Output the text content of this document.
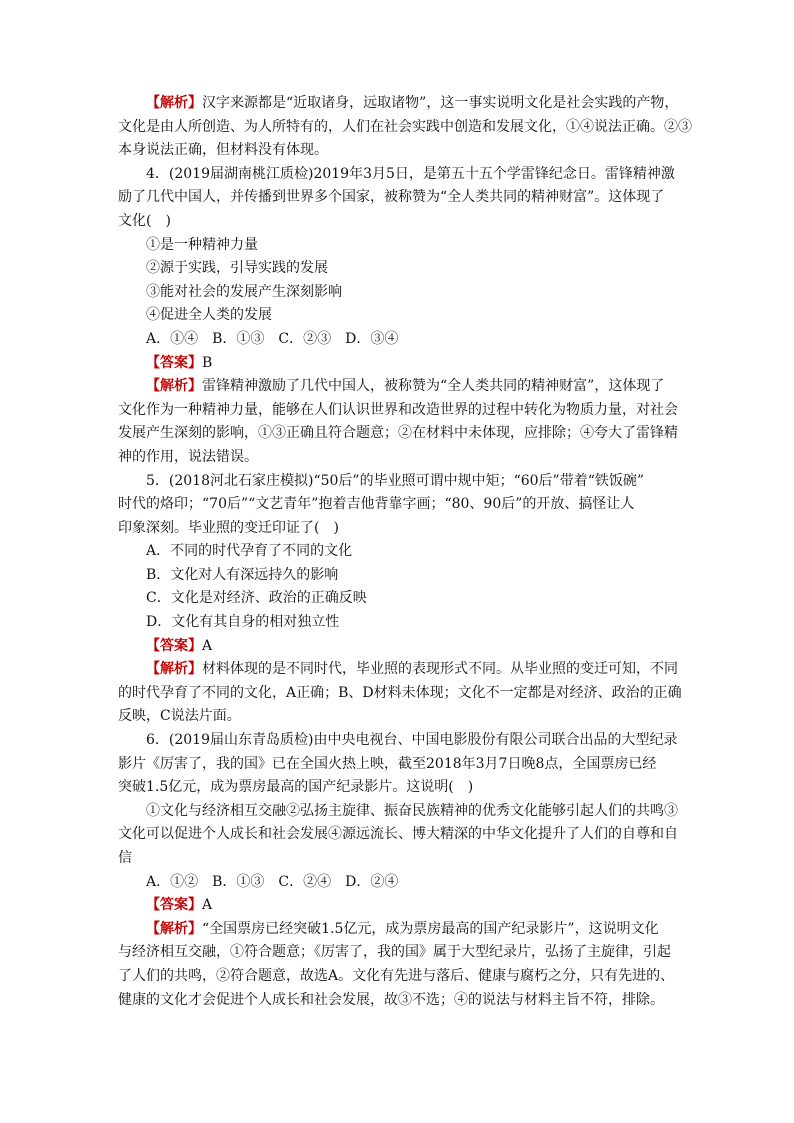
【 解析 】 汉字来源都是“近取诸身，远取诸物”，这一事实说明文化是社会实践的产物，
文化是由人所创造、为人所特有的，人们在社会实践中创造和发展文化，①④说法正确。②③
本身说法正确，但材料没有体现。
4．(2019届湖南桃江质检)2019年3月5日，是第五十五个学雷锋纪念日。雷锋精神激
励了几代中国人，并传播到世界多个国家，被称赞为“全人类共同的精神财富”。这体现了
文化(　)
①是一种精神力量
②源于实践，引导实践的发展
③能对社会的发展产生深刻影响
④促进全人类的发展
A．①④　B．①③　C．②③　D．③④
【 答案 】 B
【 解析 】 雷锋精神激励了几代中国人，被称赞为“全人类共同的精神财富”，这体现了
文化作为一种精神力量，能够在人们认识世界和改造世界的过程中转化为物质力量，对社会
发展产生深刻的影响，①③正确且符合题意；②在材料中未体现，应排除；④夸大了雷锋精
神的作用，说法错误。
5．(2018河北石家庄模拟)“50后”的毕业照可谓中规中矩；“60后”带着“铁饭碗”
时代的烙印；“70后”“文艺青年”抱着吉他背靠字画；“80、90后”的开放、搞怪让人
印象深刻。毕业照的变迁印证了(　)
A．不同的时代孕育了不同的文化
B．文化对人有深远持久的影响
C．文化是对经济、政治的正确反映
D．文化有其自身的相对独立性
【 答案 】 A
【 解析 】 材料体现的是不同时代，毕业照的表现形式不同。从毕业照的变迁可知，不同
的时代孕育了不同的文化，A正确；B、D材料未体现；文化不一定都是对经济、政治的正确
反映，C说法片面。
6．(2019届山东青岛质检)由中央电视台、中国电影股份有限公司联合出品的大型纪录
影片《厉害了，我的国》已在全国火热上映，截至2018年3月7日晚8点，全国票房已经
突破1.5亿元，成为票房最高的国产纪录影片。这说明(　)
①文化与经济相互交融②弘扬主旋律、振奋民族精神的优秀文化能够引起人们的共鸣③
文化可以促进个人成长和社会发展④源远流长、博大精深的中华文化提升了人们的自尊和自
信
A．①②　B．①③　C．②④　D．②④
【 答案 】 A
【 解析 】 “全国票房已经突破1.5亿元，成为票房最高的国产纪录影片”，这说明文化
与经济相互交融，①符合题意；《厉害了，我的国》属于大型纪录片，弘扬了主旋律，引起
了人们的共鸣，②符合题意，故选A。文化有先进与落后、健康与腐朽之分，只有先进的、
健康的文化才会促进个人成长和社会发展，故③不选；④的说法与材料主旨不符，排除。
